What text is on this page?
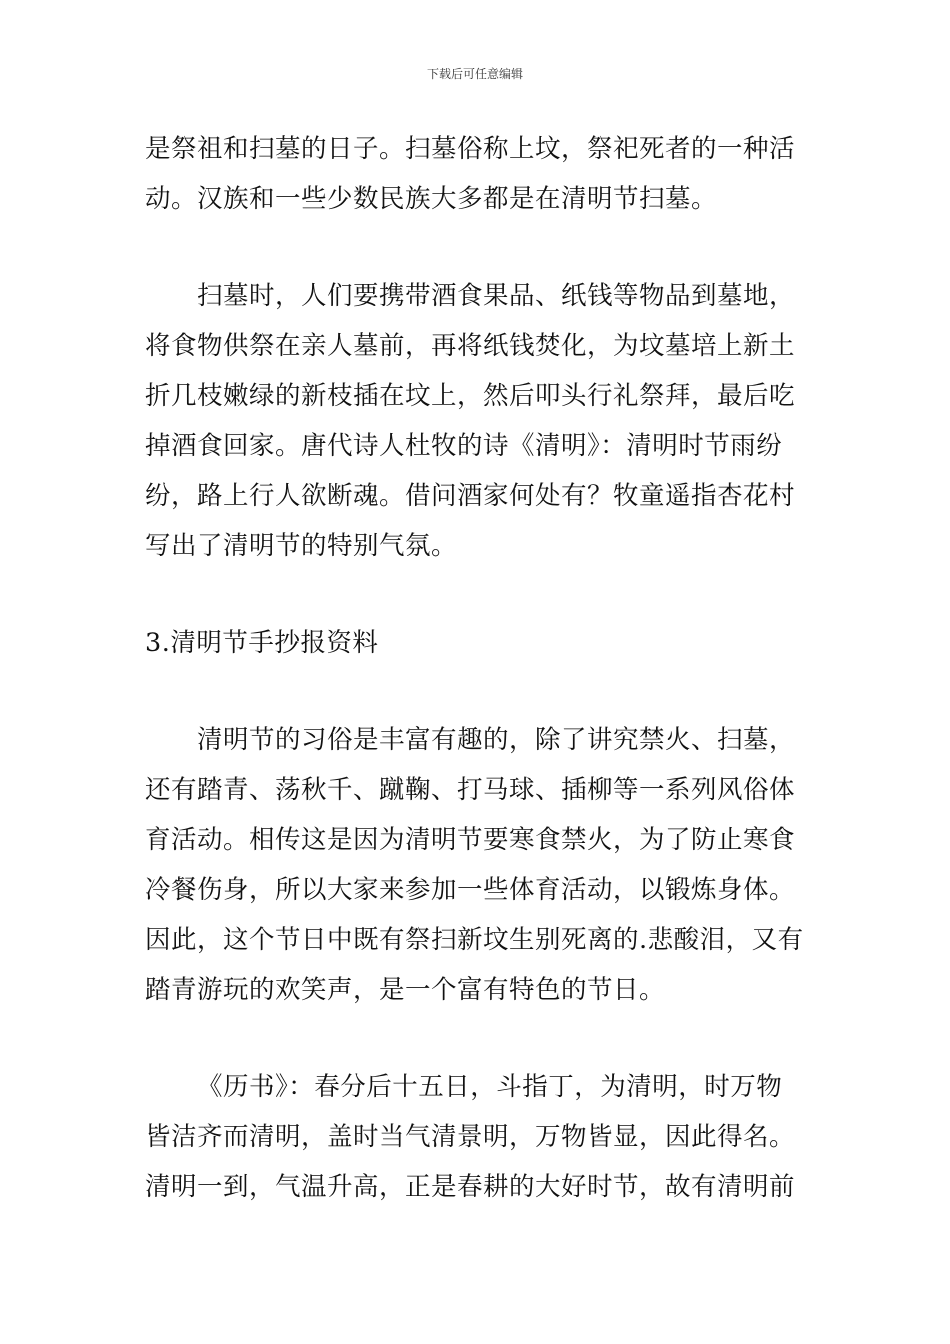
下载后可任意编辑
是祭祖和扫墓的日子。扫墓俗称上坟，祭祀死者的一种活
动。汉族和一些少数民族大多都是在清明节扫墓。
扫墓时，人们要携带酒食果品、纸钱等物品到墓地，
将食物供祭在亲人墓前，再将纸钱焚化，为坟墓培上新土
折几枝嫩绿的新枝插在坟上，然后叩头行礼祭拜，最后吃
掉酒食回家。唐代诗人杜牧的诗《清明》：清明时节雨纷
纷，路上行人欲断魂。借问酒家何处有？牧童遥指杏花村
写出了清明节的特别气氛。
3.清明节手抄报资料
清明节的习俗是丰富有趣的，除了讲究禁火、扫墓，
还有踏青、荡秋千、蹴鞠、打马球、插柳等一系列风俗体
育活动。相传这是因为清明节要寒食禁火，为了防止寒食
冷餐伤身，所以大家来参加一些体育活动，以锻炼身体。
因此，这个节日中既有祭扫新坟生别死离的.悲酸泪，又有
踏青游玩的欢笑声，是一个富有特色的节日。
《历书》：春分后十五日，斗指丁，为清明，时万物
皆洁齐而清明，盖时当气清景明，万物皆显，因此得名。
清明一到，气温升高，正是春耕的大好时节，故有清明前
